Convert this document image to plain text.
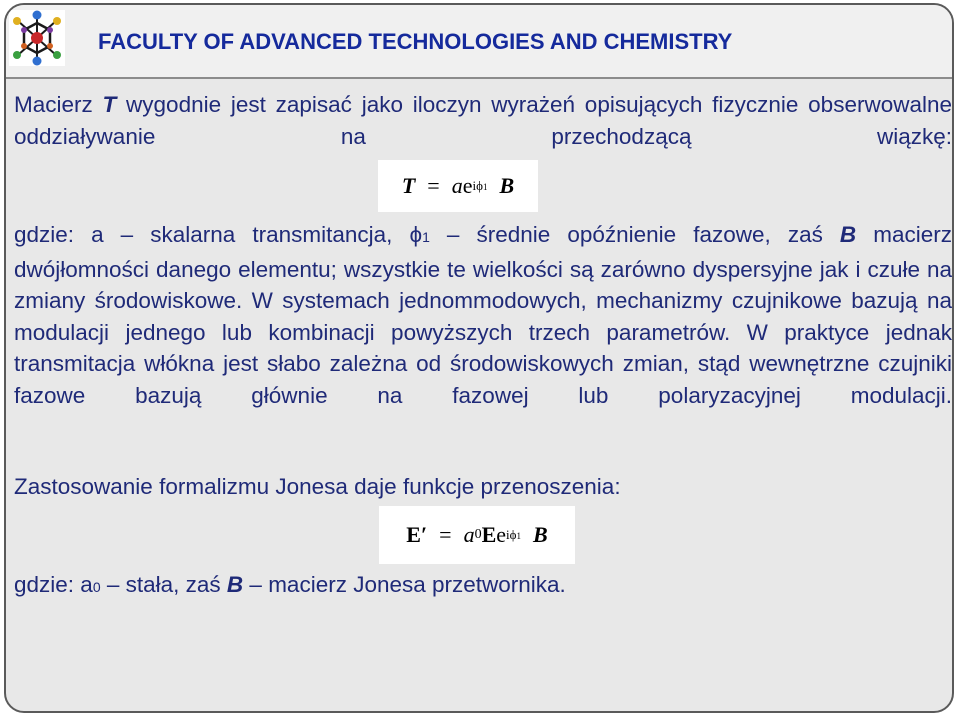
FACULTY OF ADVANCED TECHNOLOGIES AND CHEMISTRY

Macierz T wygodnie jest zapisać jako iloczyn wyrażeń opisujących fizycznie obserwowalne oddziaływanie na przechodzącą wiązkę:

T = a e iϕ1 B

gdzie: a – skalarna transmitancja, ϕ1 – średnie opóźnienie fazowe, zaś B macierz dwójłomności danego elementu; wszystkie te wielkości są zarówno dyspersyjne jak i czułe na zmiany środowiskowe. W systemach jednommodowych, mechanizmy czujnikowe bazują na modulacji jednego lub kombinacji powyższych trzech parametrów. W praktyce jednak transmitacja włókna jest słabo zależna od środowiskowych zmian, stąd wewnętrzne czujniki fazowe bazują głównie na fazowej lub polaryzacyjnej modulacji.

Zastosowanie formalizmu Jonesa daje funkcje przenoszenia:

E′ = a 0 E e iϕ1 B

gdzie: a0 – stała, zaś B – macierz Jonesa przetwornika.
